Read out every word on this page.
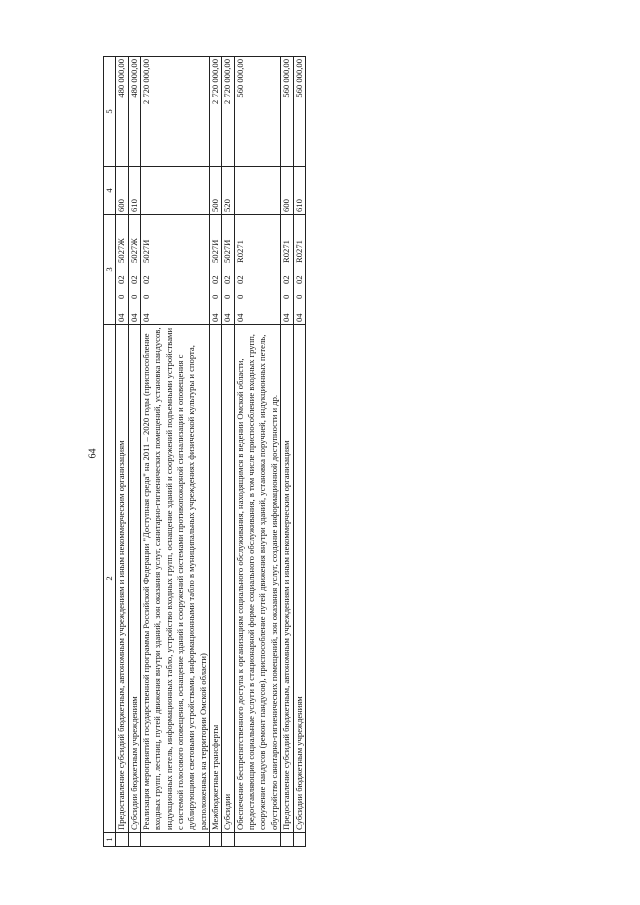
64
1	2	3	4	5
	Предоставление субсидий бюджетным, автономным учреждениям и иным некоммерческим организациям	040025027Ж	600	480 000,00
	Субсидии бюджетным учреждениям	040025027Ж	610	480 000,00
	Реализация мероприятий государственной программы Российской Федерации "Доступная среда" на 2011 – 2020 годы (приспособление входных групп, лестниц, путей движения внутри зданий, зон оказания услуг, санитарно-гигиенических помещений, установка пандусов, индукционных петель, информационных табло, устройство входных групп, оснащение зданий и сооружений подъемными устройствами с системой голосового оповещения, оснащение зданий и сооружений системами противопожарной сигнализации и оповещения с дублирующими световыми устройствами, информационными табло в муниципальных учреждениях физической культуры и спорта, расположенных на территории Омской области)	040025027И		2 720 000,00
	Межбюджетные трансферты	040025027И	500	2 720 000,00
	Субсидии	040025027И	520	2 720 000,00
	Обеспечение беспрепятственного доступа к организациям социального обслуживания, находящимся в ведении Омской области, предоставляющим социальные услуги в стационарной форме социального обслуживания, в том числе приспособление входных групп, сооружение пандусов (ремонт пандусов), приспособление путей движения внутри зданий, установка поручней, индукционных петель, обустройство санитарно-гигиенических помещений, зон оказания услуг, создание информационной доступности и др.	04002R0271		560 000,00
	Предоставление субсидий бюджетным, автономным учреждениям и иным некоммерческим организациям	04002R0271	600	560 000,00
	Субсидии бюджетным учреждениям	04002R0271	610	560 000,00
